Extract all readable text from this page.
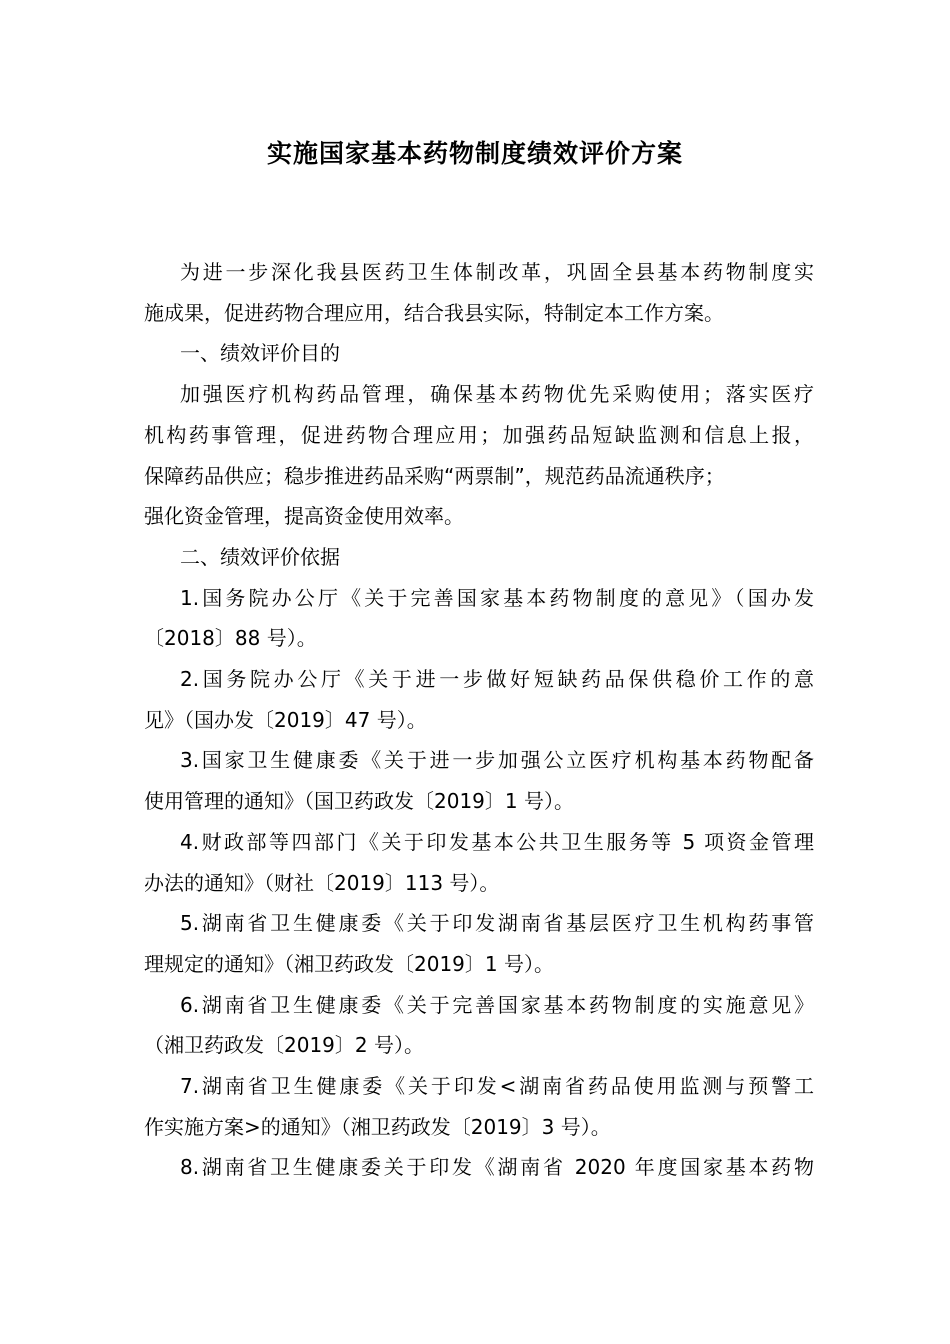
实施国家基本药物制度绩效评价方案

为进一步深化我县医药卫生体制改革，巩固全县基本药物制度实
施成果，促进药物合理应用，结合我县实际，特制定本工作方案。

一、绩效评价目的

加强医疗机构药品管理，确保基本药物优先采购使用；落实医疗
机构药事管理，促进药物合理应用；加强药品短缺监测和信息上报，
保障药品供应；稳步推进药品采购“两票制”，规范药品流通秩序；
强化资金管理，提高资金使用效率。

二、绩效评价依据

1.国务院办公厅《关于完善国家基本药物制度的意见》（国办发
〔2018〕88 号）。

2.国务院办公厅《关于进一步做好短缺药品保供稳价工作的意
见》（国办发〔2019〕47 号）。

3.国家卫生健康委《关于进一步加强公立医疗机构基本药物配备
使用管理的通知》（国卫药政发〔2019〕1 号）。

4.财政部等四部门《关于印发基本公共卫生服务等 5 项资金管理
办法的通知》（财社〔2019〕113 号）。

5.湖南省卫生健康委《关于印发湖南省基层医疗卫生机构药事管
理规定的通知》（湘卫药政发〔2019〕1 号）。

6.湖南省卫生健康委《关于完善国家基本药物制度的实施意见》
（湘卫药政发〔2019〕2 号）。

7.湖南省卫生健康委《关于印发<湖南省药品使用监测与预警工
作实施方案>的通知》（湘卫药政发〔2019〕3 号）。

8.湖南省卫生健康委关于印发《湖南省 2020 年度国家基本药物
